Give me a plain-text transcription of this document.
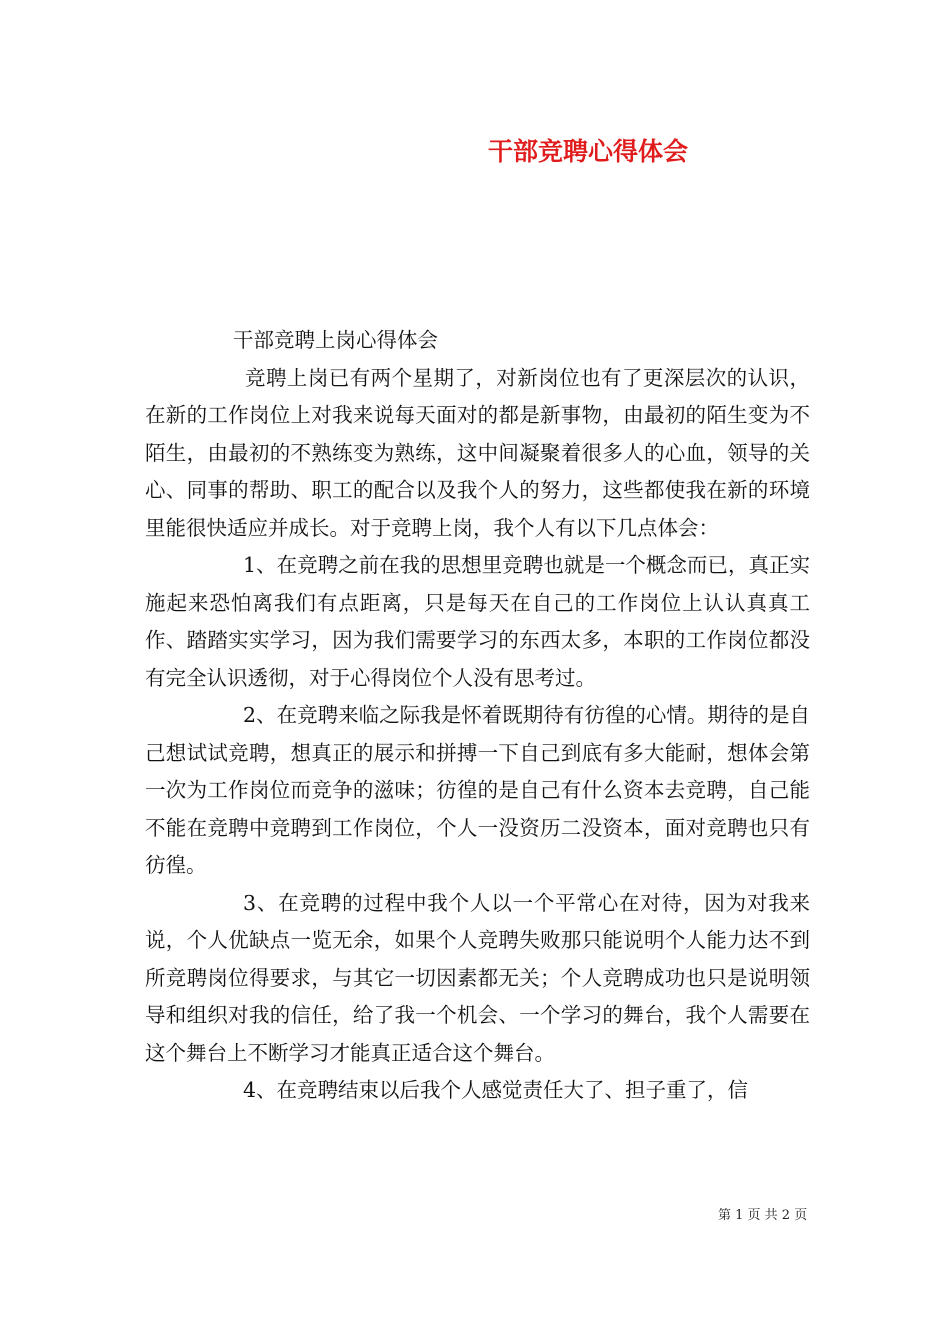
干部竞聘心得体会

干部竞聘上岗心得体会

竞聘上岗已有两个星期了，对新岗位也有了更深层次的认识，在新的工作岗位上对我来说每天面对的都是新事物，由最初的陌生变为不陌生，由最初的不熟练变为熟练，这中间凝聚着很多人的心血，领导的关心、同事的帮助、职工的配合以及我个人的努力，这些都使我在新的环境里能很快适应并成长。对于竞聘上岗，我个人有以下几点体会：

1、在竞聘之前在我的思想里竞聘也就是一个概念而已，真正实施起来恐怕离我们有点距离，只是每天在自己的工作岗位上认认真真工作、踏踏实实学习，因为我们需要学习的东西太多，本职的工作岗位都没有完全认识透彻，对于心得岗位个人没有思考过。

2、在竞聘来临之际我是怀着既期待有彷徨的心情。期待的是自己想试试竞聘，想真正的展示和拼搏一下自己到底有多大能耐，想体会第一次为工作岗位而竞争的滋味；彷徨的是自己有什么资本去竞聘，自己能不能在竞聘中竞聘到工作岗位，个人一没资历二没资本，面对竞聘也只有彷徨。

3、在竞聘的过程中我个人以一个平常心在对待，因为对我来说，个人优缺点一览无余，如果个人竞聘失败那只能说明个人能力达不到所竞聘岗位得要求，与其它一切因素都无关；个人竞聘成功也只是说明领导和组织对我的信任，给了我一个机会、一个学习的舞台，我个人需要在这个舞台上不断学习才能真正适合这个舞台。

4、在竞聘结束以后我个人感觉责任大了、担子重了，信

第 1 页 共 2 页
